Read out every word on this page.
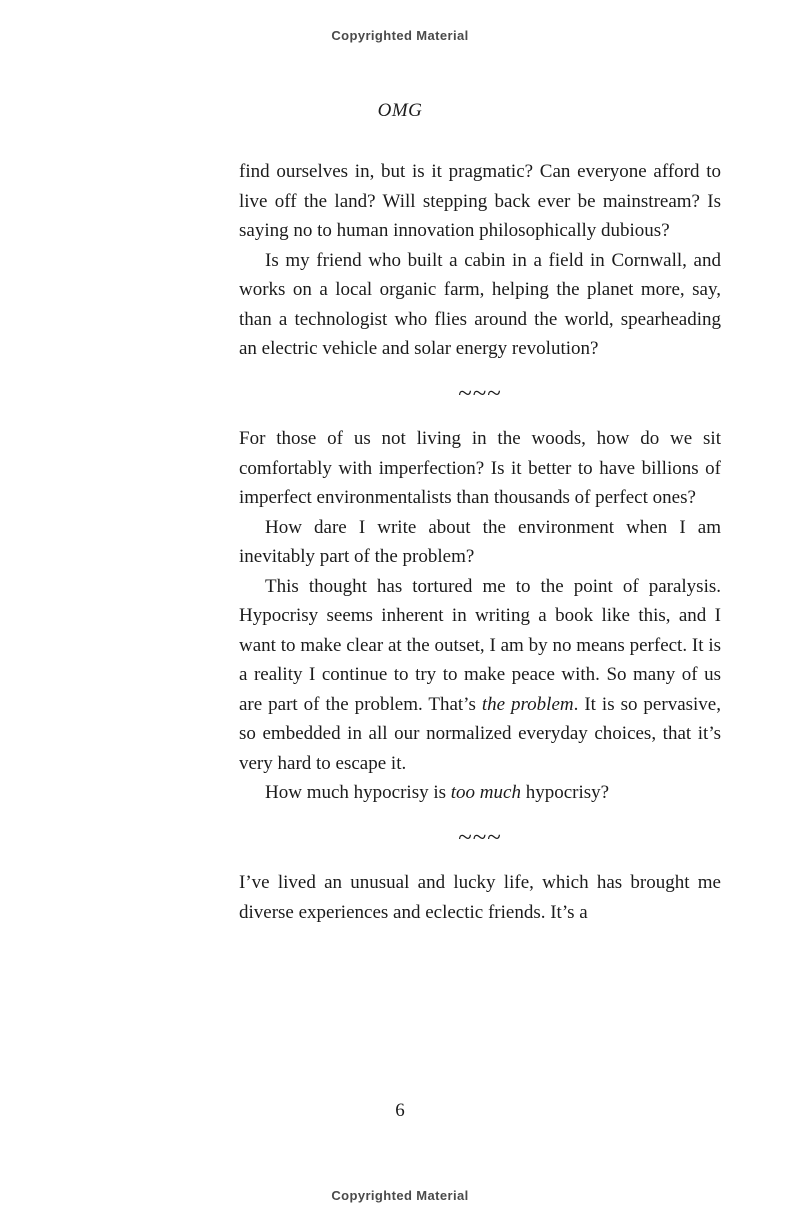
Copyrighted Material
OMG

find ourselves in, but is it pragmatic? Can everyone afford to live off the land? Will stepping back ever be mainstream? Is saying no to human innovation philosophically dubious?

Is my friend who built a cabin in a field in Cornwall, and works on a local organic farm, helping the planet more, say, than a technologist who flies around the world, spearheading an electric vehicle and solar energy revolution?

~~~

For those of us not living in the woods, how do we sit comfortably with imperfection? Is it better to have billions of imperfect environmentalists than thousands of perfect ones?

How dare I write about the environment when I am inevitably part of the problem?

This thought has tortured me to the point of paralysis. Hypocrisy seems inherent in writing a book like this, and I want to make clear at the outset, I am by no means perfect. It is a reality I continue to try to make peace with. So many of us are part of the problem. That’s the problem. It is so pervasive, so embedded in all our normalized everyday choices, that it’s very hard to escape it.

How much hypocrisy is too much hypocrisy?

~~~

I’ve lived an unusual and lucky life, which has brought me diverse experiences and eclectic friends. It’s a

6
Copyrighted Material
